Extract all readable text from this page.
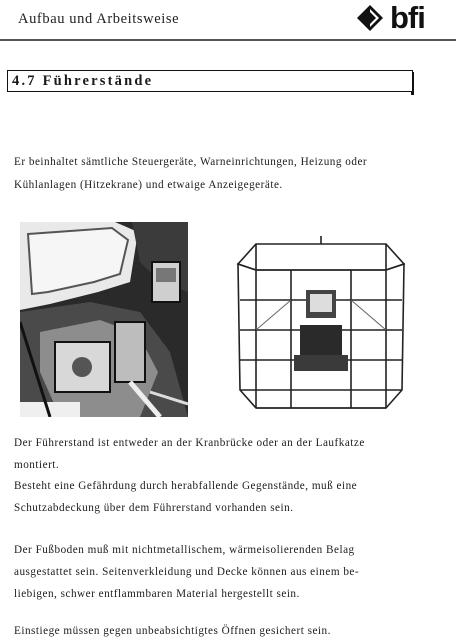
Aufbau und Arbeitsweise	bfi
4.7 Führerstände
Er beinhaltet sämtliche Steuergeräte, Warneinrichtungen, Heizung oder
Kühlanlagen (Hitzekrane) und etwaige Anzeigegeräte.
Der Führerstand ist entweder an der Kranbrücke oder an der Laufkatze
montiert.
Besteht eine Gefährdung durch herabfallende Gegenstände, muß eine
Schutzabdeckung über dem Führerstand vorhanden sein.
Der Fußboden muß mit nichtmetallischem, wärmeisolierenden Belag
ausgestattet sein. Seitenverkleidung und Decke können aus einem be-
liebigen, schwer entflammbaren Material hergestellt sein.
Einstiege müssen gegen unbeabsichtigtes Öffnen gesichert sein.
